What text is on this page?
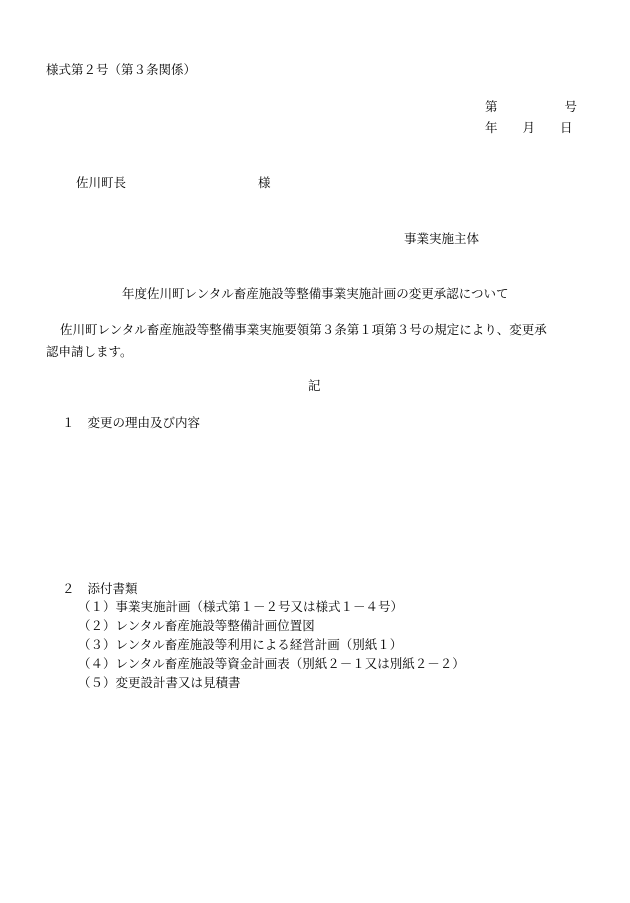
様式第２号（第３条関係）
第	号
年 月 日
佐川町長	様
事業実施主体
年度佐川町レンタル畜産施設等整備事業実施計画の変更承認について
佐川町レンタル畜産施設等整備事業実施要領第３条第１項第３号の規定により、変更承
認申請します。
記
１ 変更の理由及び内容
２ 添付書類
（１）事業実施計画（様式第１－２号又は様式１－４号）
（２）レンタル畜産施設等整備計画位置図
（３）レンタル畜産施設等利用による経営計画（別紙１）
（４）レンタル畜産施設等資金計画表（別紙２－１又は別紙２－２）
（５）変更設計書又は見積書
